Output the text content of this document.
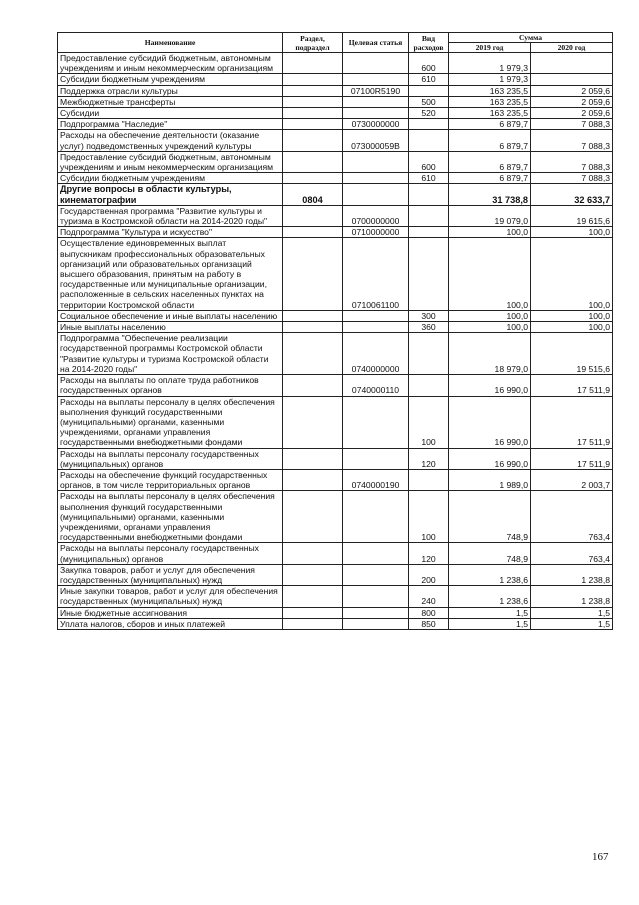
Наименование	Раздел, подраздел	Целевая статья	Вид расходов	Сумма	
				2019 год	2020 год
Предоставление субсидий бюджетным, автономным учреждениям и иным некоммерческим организациям			600	1 979,3	
Субсидии бюджетным учреждениям			610	1 979,3	
Поддержка отрасли культуры		07100R5190		163 235,5	2 059,6
Межбюджетные трансферты			500	163 235,5	2 059,6
Субсидии			520	163 235,5	2 059,6
Подпрограмма "Наследие"		0730000000		6 879,7	7 088,3
Расходы на обеспечение деятельности (оказание услуг) подведомственных учреждений культуры		073000059В		6 879,7	7 088,3
Предоставление субсидий бюджетным, автономным учреждениям и иным некоммерческим организациям			600	6 879,7	7 088,3
Субсидии бюджетным учреждениям			610	6 879,7	7 088,3
Другие вопросы в области культуры, кинематографии	0804			31 738,8	32 633,7
Государственная программа "Развитие культуры и туризма в Костромской области на 2014-2020 годы"		0700000000		19 079,0	19 615,6
Подпрограмма "Культура и искусство"		0710000000		100,0	100,0
Осуществление единовременных выплат выпускникам профессиональных образовательных организаций или образовательных организаций высшего образования, принятым на работу в государственные или муниципальные организации, расположенные в сельских населенных пунктах на территории Костромской области		0710061100		100,0	100,0
Социальное обеспечение и иные выплаты населению			300	100,0	100,0
Иные выплаты населению			360	100,0	100,0
Подпрограмма "Обеспечение реализации государственной программы Костромской области "Развитие культуры и туризма Костромской области на 2014-2020 годы"		0740000000		18 979,0	19 515,6
Расходы на выплаты по оплате труда работников государственных органов		0740000110		16 990,0	17 511,9
Расходы на выплаты персоналу в целях обеспечения выполнения функций государственными (муниципальными) органами, казенными учреждениями, органами управления государственными внебюджетными фондами			100	16 990,0	17 511,9
Расходы на выплаты персоналу государственных (муниципальных) органов			120	16 990,0	17 511,9
Расходы на обеспечение функций государственных органов, в том числе территориальных органов		0740000190		1 989,0	2 003,7
Расходы на выплаты персоналу в целях обеспечения выполнения функций государственными (муниципальными) органами, казенными учреждениями, органами управления государственными внебюджетными фондами			100	748,9	763,4
Расходы на выплаты персоналу государственных (муниципальных) органов			120	748,9	763,4
Закупка товаров, работ и услуг для обеспечения государственных (муниципальных) нужд			200	1 238,6	1 238,8
Иные закупки товаров, работ и услуг для обеспечения государственных (муниципальных) нужд			240	1 238,6	1 238,8
Иные бюджетные ассигнования			800	1,5	1,5
Уплата налогов, сборов и иных платежей			850	1,5	1,5
167
